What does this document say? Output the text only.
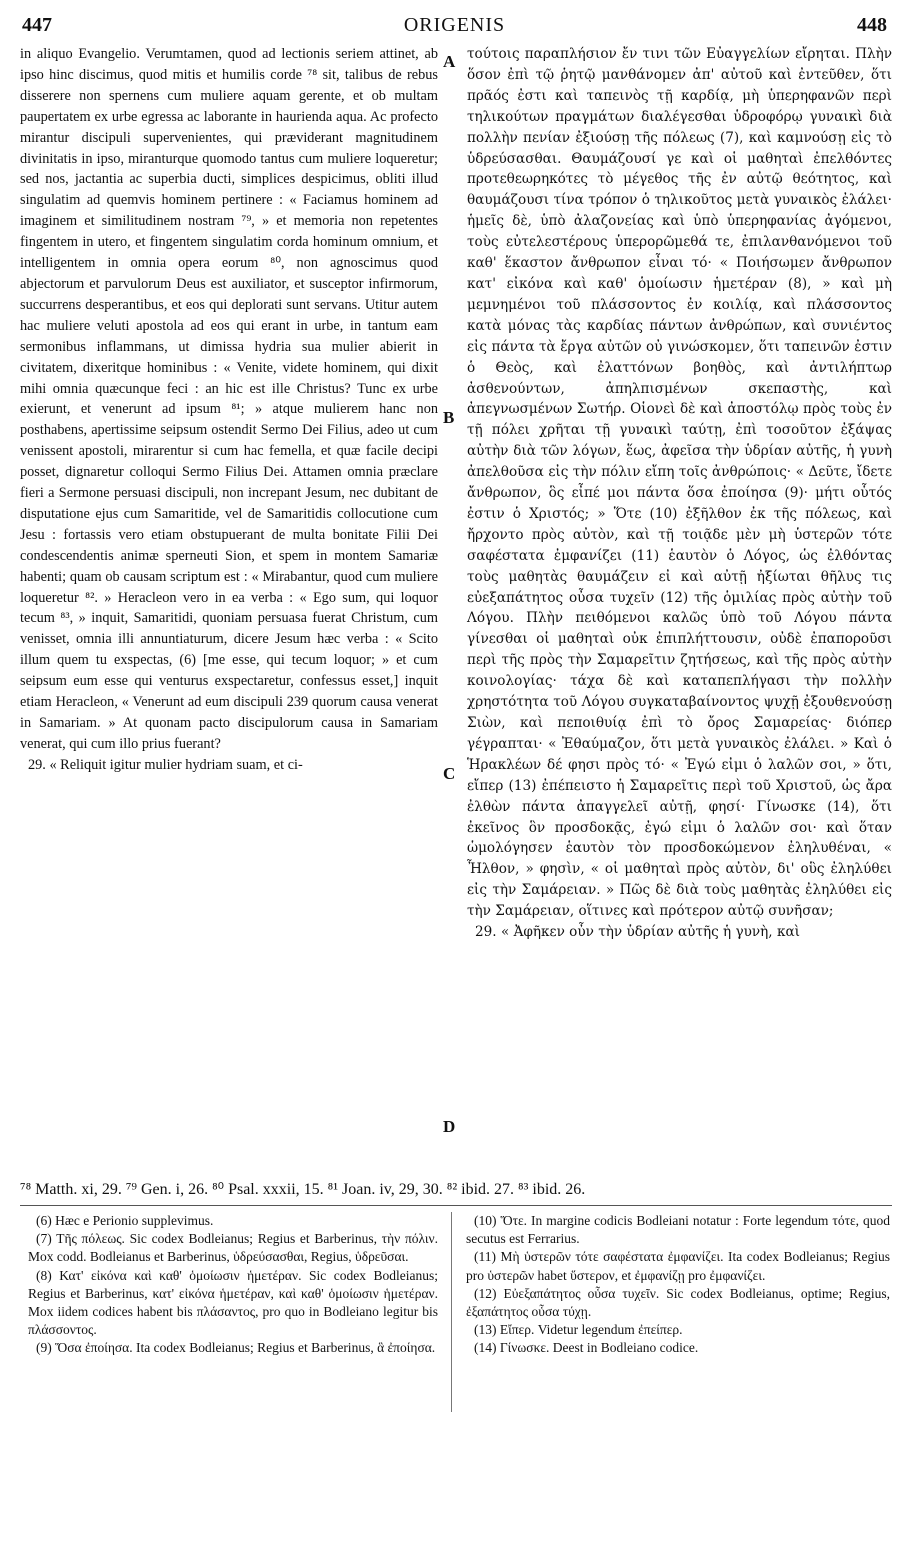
447	ORIGENIS	448

in aliquo Evangelio. Verumtamen, quod ad lectionis seriem attinet, ab ipso hinc discimus, quod mitis et humilis corde ⁷⁸ sit, talibus de rebus disserere non spernens cum muliere aquam gerente, et ob multam paupertatem ex urbe egressa ac laborante in haurienda aqua. Ac profecto mirantur discipuli supervenientes, qui præviderant magnitudinem divinitatis in ipso, miranturque quomodo tantus cum muliere loqueretur; sed nos, jactantia ac superbia ducti, simplices despicimus, obliti illud singulatim ad quemvis hominem pertinere : « Faciamus hominem ad imaginem et similitudinem nostram ⁷⁹, » et memoria non repetentes fingentem in utero, et fingentem singulatim corda hominum omnium, et intelligentem in omnia opera eorum ⁸⁰, non agnoscimus quod abjectorum et parvulorum Deus est auxiliator, et susceptor infirmorum, succurrens desperantibus, et eos qui deplorati sunt servans. Utitur autem hac muliere veluti apostola ad eos qui erant in urbe, in tantum eam sermonibus inflammans, ut dimissa hydria sua mulier abierit in civitatem, dixeritque hominibus : « Venite, videte hominem, qui dixit mihi omnia quæcunque feci : an hic est ille Christus? Tunc ex urbe exierunt, et venerunt ad ipsum ⁸¹; » atque mulierem hanc non posthabens, apertissime seipsum ostendit Sermo Dei Filius, adeo ut cum venissent apostoli, mirarentur si cum hac femella, et quæ facile decipi posset, dignaretur colloqui Sermo Filius Dei. Attamen omnia præclare fieri a Sermone persuasi discipuli, non increpant Jesum, nec dubitant de disputatione ejus cum Samaritide, vel de Samaritidis collocutione cum Jesu : fortassis vero etiam obstupuerant de multa bonitate Filii Dei condescendentis animæ sperneuti Sion, et spem in montem Samariæ habenti; quam ob causam scriptum est : « Mirabantur, quod cum muliere loqueretur ⁸². » Heracleon vero in ea verba : « Ego sum, qui loquor tecum ⁸³, » inquit, Samaritidi, quoniam persuasa fuerat Christum, cum venisset, omnia illi annuntiaturum, dicere Jesum hæc verba : « Scito illum quem tu exspectas, (6) [me esse, qui tecum loquor; » et cum seipsum eum esse qui venturus exspectaretur, confessus esset,] inquit etiam Heracleon, « Venerunt ad eum discipuli 239 quorum causa venerat in Samariam. » At quonam pacto discipulorum causa in Samariam venerat, qui cum illo prius fuerant?

29. « Reliquit igitur mulier hydriam suam, et ci-

A
B
C
D

τούτοις παραπλήσιον ἔν τινι τῶν Εὐαγγελίων εἴρηται. Πλὴν ὅσον ἐπὶ τῷ ῥητῷ μανθάνομεν ἀπ' αὐτοῦ καὶ ἐντεῦθεν, ὅτι πρᾶός ἐστι καὶ ταπεινὸς τῇ καρδίᾳ, μὴ ὑπερηφανῶν περὶ τηλικούτων πραγμάτων διαλέγεσθαι ὑδροφόρῳ γυναικὶ διὰ πολλὴν πενίαν ἐξιούσῃ τῆς πόλεως (7), καὶ καμνούσῃ εἰς τὸ ὑδρεύσασθαι. Θαυμάζουσί γε καὶ οἱ μαθηταὶ ἐπελθόντες προτεθεωρηκότες τὸ μέγεθος τῆς ἐν αὐτῷ θεότητος, καὶ θαυμάζουσι τίνα τρόπον ὁ τηλικοῦτος μετὰ γυναικὸς ἐλάλει· ἡμεῖς δὲ, ὑπὸ ἀλαζονείας καὶ ὑπὸ ὑπερηφανίας ἀγόμενοι, τοὺς εὐτελεστέρους ὑπερορῶμεθά τε, ἐπιλανθανόμενοι τοῦ καθ' ἕκαστον ἄνθρωπον εἶναι τό· « Ποιήσωμεν ἄνθρωπον κατ' εἰκόνα καὶ καθ' ὁμοίωσιν ἡμετέραν (8), » καὶ μὴ μεμνημένοι τοῦ πλάσσοντος ἐν κοιλίᾳ, καὶ πλάσσοντος κατὰ μόνας τὰς καρδίας πάντων ἀνθρώπων, καὶ συνιέντος εἰς πάντα τὰ ἔργα αὐτῶν οὐ γινώσκομεν, ὅτι ταπεινῶν ἐστιν ὁ Θεὸς, καὶ ἐλαττόνων βοηθὸς, καὶ ἀντιλήπτωρ ἀσθενούντων, ἀπηλπισμένων σκεπαστὴς, καὶ ἀπεγνωσμένων Σωτήρ. Οἱονεὶ δὲ καὶ ἀποστόλῳ πρὸς τοὺς ἐν τῇ πόλει χρῆται τῇ γυναικὶ ταύτῃ, ἐπὶ τοσοῦτον ἐξάψας αὐτὴν διὰ τῶν λόγων, ἕως, ἀφεῖσα τὴν ὑδρίαν αὐτῆς, ἡ γυνὴ ἀπελθοῦσα εἰς τὴν πόλιν εἴπη τοῖς ἀνθρώποις· « Δεῦτε, ἴδετε ἄνθρωπον, ὃς εἶπέ μοι πάντα ὅσα ἐποίησα (9)· μήτι οὗτός ἐστιν ὁ Χριστός; » Ὅτε (10) ἐξῆλθον ἐκ τῆς πόλεως, καὶ ἤρχοντο πρὸς αὐτὸν, καὶ τῇ τοιᾷδε μὲν μὴ ὑστερῶν τότε σαφέστατα ἐμφανίζει (11) ἑαυτὸν ὁ Λόγος, ὡς ἐλθόντας τοὺς μαθητὰς θαυμάζειν εἰ καὶ αὐτῇ ἠξίωται θῆλυς τις εὐεξαπάτητος οὖσα τυχεῖν (12) τῆς ὁμιλίας πρὸς αὐτὴν τοῦ Λόγου. Πλὴν πειθόμενοι καλῶς ὑπὸ τοῦ Λόγου πάντα γίνεσθαι οἱ μαθηταὶ οὐκ ἐπιπλήττουσιν, οὐδὲ ἐπαποροῦσι περὶ τῆς πρὸς τὴν Σαμαρεῖτιν ζητήσεως, καὶ τῆς πρὸς αὐτὴν κοινολογίας· τάχα δὲ καὶ καταπεπλήγασι τὴν πολλὴν χρηστότητα τοῦ Λόγου συγκαταβαίνοντος ψυχῇ ἐξουθενούσῃ Σιὼν, καὶ πεποιθυίᾳ ἐπὶ τὸ ὄρος Σαμαρείας· διόπερ γέγραπται· « Ἐθαύμαζον, ὅτι μετὰ γυναικὸς ἐλάλει. » Καὶ ὁ Ἡρακλέων δέ φησι πρὸς τό· « Ἐγώ εἰμι ὁ λαλῶν σοι, » ὅτι, εἴπερ (13) ἐπέπειστο ἡ Σαμαρεῖτις περὶ τοῦ Χριστοῦ, ὡς ἄρα ἐλθὼν πάντα ἀπαγγελεῖ αὐτῇ, φησί· Γίνωσκε (14), ὅτι ἐκεῖνος ὃν προσδοκᾷς, ἐγώ εἰμι ὁ λαλῶν σοι· καὶ ὅταν ὡμολόγησεν ἑαυτὸν τὸν προσδοκώμενον ἐληλυθέναι, « Ἦλθον, » φησὶν, « οἱ μαθηταὶ πρὸς αὐτὸν, δι' οὓς ἐληλύθει εἰς τὴν Σαμάρειαν. » Πῶς δὲ διὰ τοὺς μαθητὰς ἐληλύθει εἰς τὴν Σαμάρειαν, οἵτινες καὶ πρότερον αὐτῷ συνῆσαν;

29. « Ἀφῆκεν οὖν τὴν ὑδρίαν αὐτῆς ἡ γυνὴ, καὶ

⁷⁸ Matth. xi, 29. ⁷⁹ Gen. i, 26. ⁸⁰ Psal. xxxii, 15. ⁸¹ Joan. iv, 29, 30. ⁸² ibid. 27. ⁸³ ibid. 26.

(6) Hæc e Perionio supplevimus.

(7) Τῆς πόλεως. Sic codex Bodleianus; Regius et Barberinus, τὴν πόλιν. Mox codd. Bodleianus et Barberinus, ὑδρεύσασθαι, Regius, ὑδρεῦσαι.

(8) Κατ' εἰκόνα καὶ καθ' ὁμοίωσιν ἡμετέραν. Sic codex Bodleianus; Regius et Barberinus, κατ' εἰκόνα ἡμετέραν, καὶ καθ' ὁμοίωσιν ἡμετέραν. Mox iidem codices habent bis πλάσαντος, pro quo in Bodleiano legitur bis πλάσσοντος.

(9) Ὅσα ἐποίησα. Ita codex Bodleianus; Regius et Barberinus, ἃ ἐποίησα.

(10) Ὅτε. In margine codicis Bodleiani notatur : Forte legendum τότε, quod secutus est Ferrarius.

(11) Μὴ ὑστερῶν τότε σαφέστατα ἐμφανίζει. Ita codex Bodleianus; Regius pro ὑστερῶν habet ὕστερον, et ἐμφανίζῃ pro ἐμφανίζει.

(12) Εὐεξαπάτητος οὖσα τυχεῖν. Sic codex Bodleianus, optime; Regius, ἐξαπάτητος οὖσα τύχῃ.

(13) Εἴπερ. Videtur legendum ἐπείπερ.

(14) Γίνωσκε. Deest in Bodleiano codice.
